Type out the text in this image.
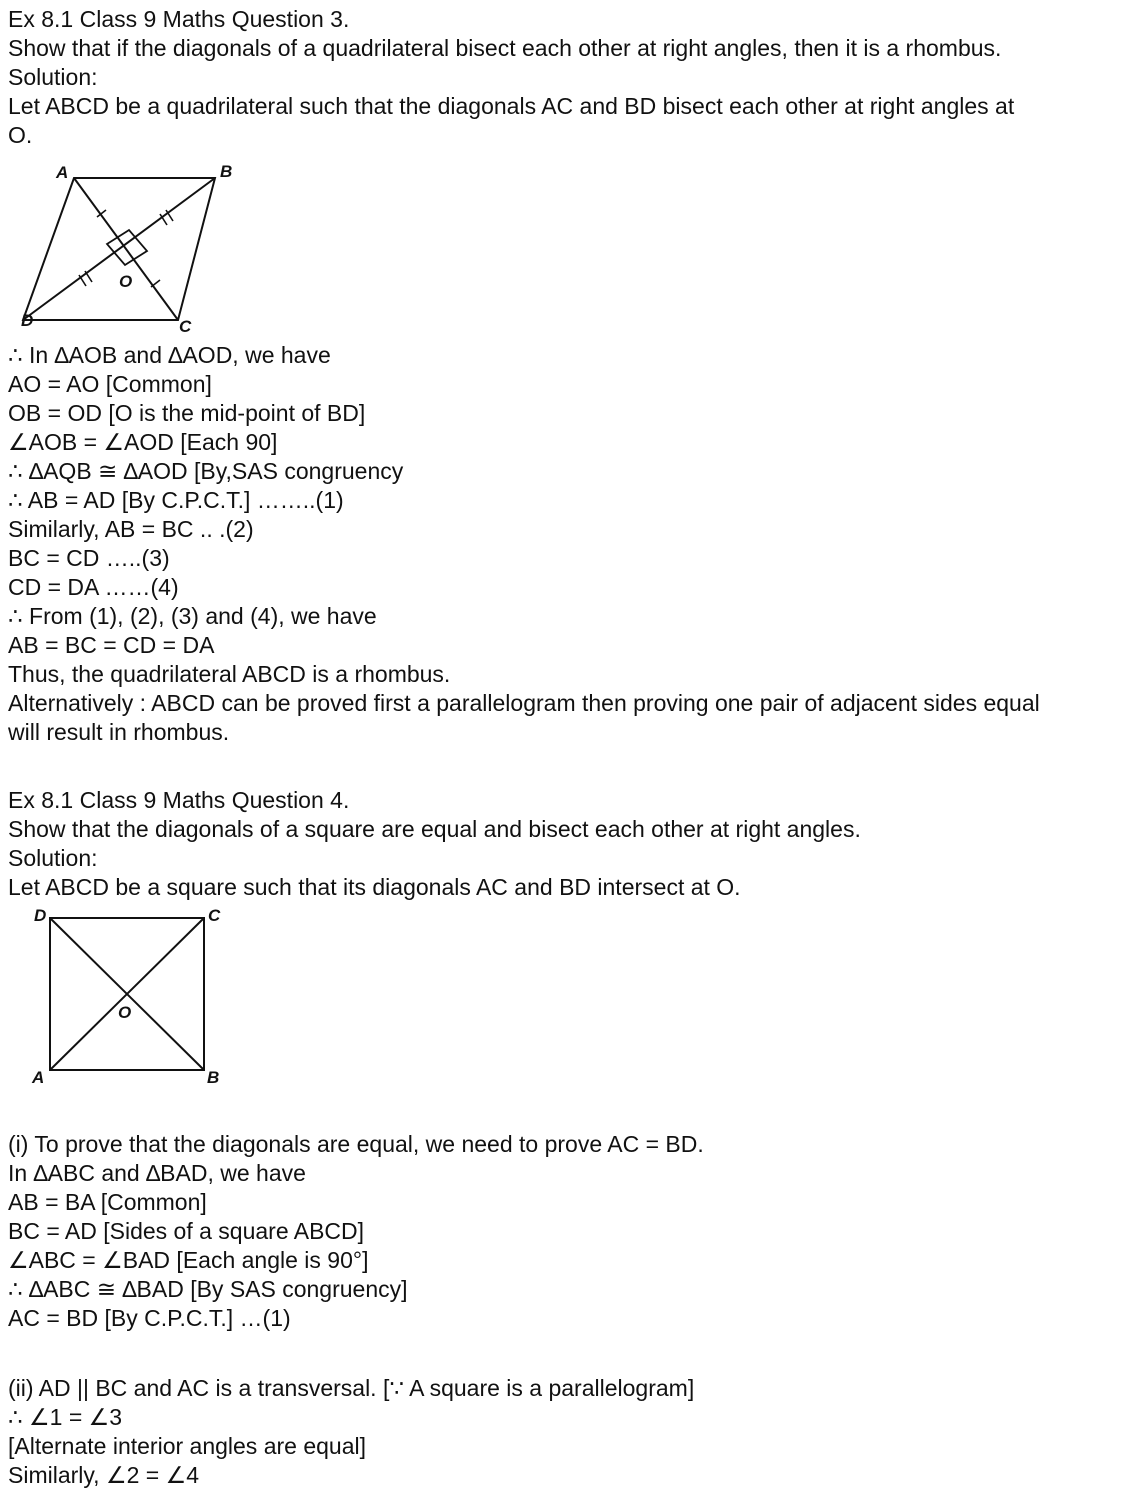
Ex 8.1 Class 9 Maths Question 3.

Show that if the diagonals of a quadrilateral bisect each other at right angles, then it is a rhombus.

Solution:

Let ABCD be a quadrilateral such that the diagonals AC and BD bisect each other at right angles at

O.

A	B
C
D
O

∴ In ∆AOB and ∆AOD, we have

AO = AO [Common]

OB = OD [O is the mid-point of BD]

∠AOB = ∠AOD [Each 90]

∴ ∆AQB ≅ ∆AOD [By,SAS congruency

∴ AB = AD [By C.P.C.T.] ……..(1)

Similarly, AB = BC .. .(2)

BC = CD …..(3)

CD = DA ……(4)

∴ From (1), (2), (3) and (4), we have

AB = BC = CD = DA

Thus, the quadrilateral ABCD is a rhombus.

Alternatively : ABCD can be proved first a parallelogram then proving one pair of adjacent sides equal

will result in rhombus.

Ex 8.1 Class 9 Maths Question 4.

Show that the diagonals of a square are equal and bisect each other at right angles.

Solution:

Let ABCD be a square such that its diagonals AC and BD intersect at O.

D	C
A	B
O

(i) To prove that the diagonals are equal, we need to prove AC = BD.

In ∆ABC and ∆BAD, we have

AB = BA [Common]

BC = AD [Sides of a square ABCD]

∠ABC = ∠BAD [Each angle is 90°]

∴ ∆ABC ≅ ∆BAD [By SAS congruency]

AC = BD [By C.P.C.T.] …(1)

(ii) AD || BC and AC is a transversal. [∵ A square is a parallelogram]

∴ ∠1 = ∠3

[Alternate interior angles are equal]

Similarly, ∠2 = ∠4
